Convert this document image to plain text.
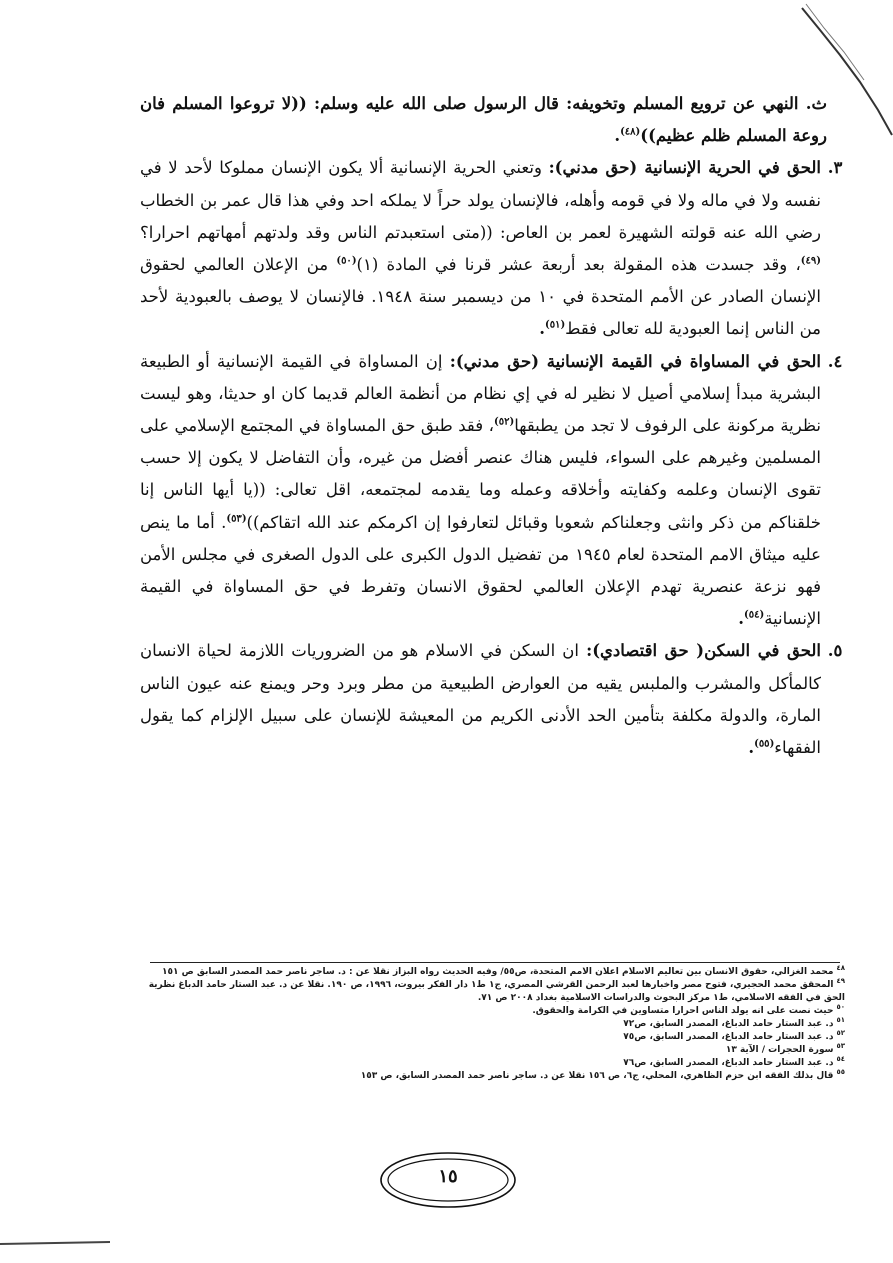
ث. النهي عن ترويع المسلم وتخويفه: قال الرسول صلى الله عليه وسلم: ((لا تروعوا المسلم فان روعة المسلم ظلم عظيم))$^{(٤٨)}$.

٣.
الحق في الحرية الإنسانية (حق مدني): وتعني الحرية الإنسانية ألا يكون الإنسان مملوكا لأحد لا في نفسه ولا في ماله ولا في قومه وأهله، فالإنسان يولد حراً لا يملكه احد وفي هذا قال عمر بن الخطاب رضي الله عنه قولته الشهيرة لعمر بن العاص: ((متى استعبدتم الناس وقد ولدتهم أمهاتهم احرارا؟ $^{(٤٩)}$، وقد جسدت هذه المقولة بعد أربعة عشر قرنا في المادة (١)$^{(٥٠)}$ من الإعلان العالمي لحقوق الإنسان الصادر عن الأمم المتحدة في ١٠ من ديسمبر سنة ١٩٤٨. فالإنسان لا يوصف بالعبودية لأحد من الناس إنما العبودية لله تعالى فقط$^{(٥١)}$.
٤.
الحق في المساواة في القيمة الإنسانية (حق مدني): إن المساواة في القيمة الإنسانية أو الطبيعة البشرية مبدأ إسلامي أصيل لا نظير له في إي نظام من أنظمة العالم قديما كان او حديثا، وهو ليست نظرية مركونة على الرفوف لا تجد من يطبقها$^{(٥٢)}$، فقد طبق حق المساواة في المجتمع الإسلامي على المسلمين وغيرهم على السواء، فليس هناك عنصر أفضل من غيره، وأن التفاضل لا يكون إلا حسب تقوى الإنسان وعلمه وكفايته وأخلاقه وعمله وما يقدمه لمجتمعه، اقل تعالى: ((يا أيها الناس إنا خلقناكم من ذكر وانثى وجعلناكم شعوبا وقبائل لتعارفوا إن اكرمكم عند الله اتقاكم))$^{(٥٣)}$. أما ما ينص عليه ميثاق الامم المتحدة لعام ١٩٤٥ من تفضيل الدول الكبرى على الدول الصغرى في مجلس الأمن فهو نزعة عنصرية تهدم الإعلان العالمي لحقوق الانسان وتفرط في حق المساواة في القيمة الإنسانية$^{(٥٤)}$.
٥.
الحق في السكن( حق اقتصادي): ان السكن في الاسلام هو من الضروريات اللازمة لحياة الانسان كالمأكل والمشرب والملبس يقيه من العوارض الطبيعية من مطر وبرد وحر ويمنع عنه عيون الناس المارة، والدولة مكلفة بتأمين الحد الأدنى الكريم من المعيشة للإنسان على سبيل الإلزام كما يقول الفقهاء$^{(٥٥)}$.

٤٨محمد الغزالي، حقوق الانسان بين تعاليم الاسلام اعلان الامم المتحدة، ص٥٥/ وفيه الحديث رواه البزاز نقلا عن : د. ساجر ناصر حمد المصدر السابق ص ١٥١

٤٩المحقق محمد الحجيري، فتوح مصر واخبارها لعبد الرحمن القرشي المصري، ج١ ط١ دار الفكر بيروت، ١٩٩٦، ص ١٩٠. نقلا عن د. عبد الستار حامد الدباغ نظرية الحق في الفقه الاسلامي، ط١ مركز البحوث والدراسات الاسلامية بغداد ٢٠٠٨ ص ٧١.

٥٠حيث نصت على انه يولد الناس احرارا متساوين في الكرامة والحقوق.

٥١د. عبد الستار حامد الدباغ، المصدر السابق، ص٧٢

٥٢د. عبد الستار حامد الدباغ، المصدر السابق، ص٧٥

٥٣سورة الحجرات / الآية ١٣

٥٤د. عبد الستار حامد الدباغ، المصدر السابق، ص٧٦

٥٥قال بذلك الفقه ابن حزم الظاهري، المحلي، ج٦، ص ١٥٦ نقلا عن د. ساجر ناصر حمد المصدر السابق، ص ١٥٣

١٥
